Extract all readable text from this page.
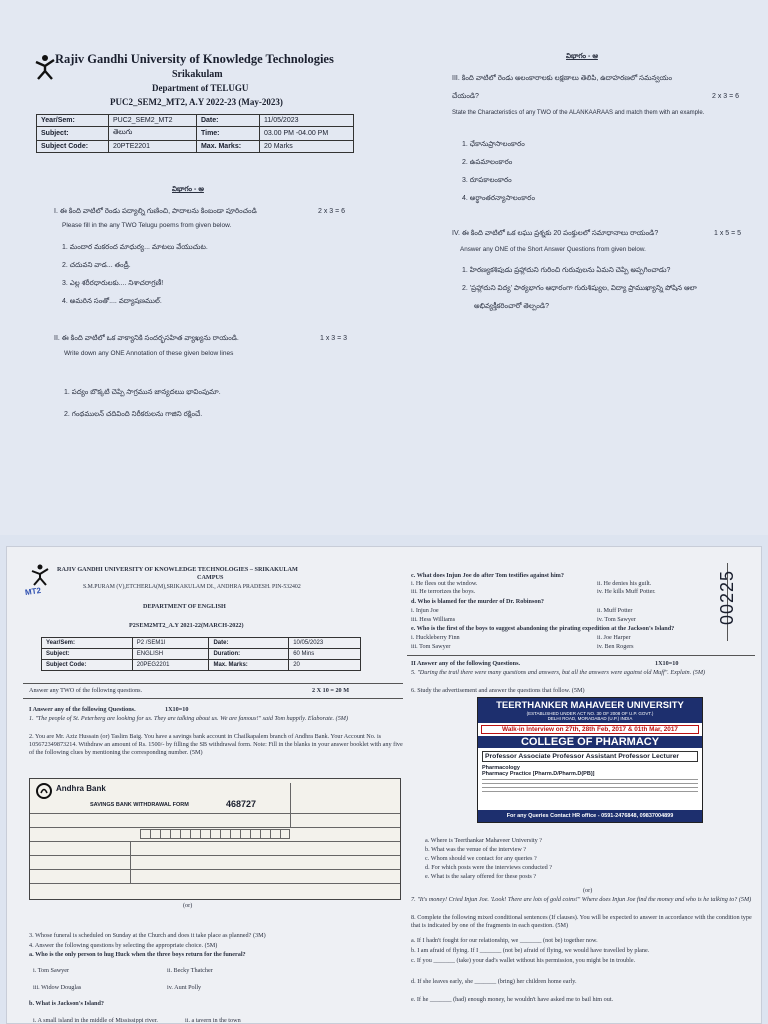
Rajiv Gandhi University of Knowledge Technologies
Srikakulam
Department of TELUGU
PUC2_SEM2_MT2, A.Y 2022-23 (May-2023)
Year/Sem:	PUC2_SEM2_MT2	Date:	11/05/2023
Subject:	తెలుగు	Time:	03.00 PM -04.00 PM
Subject Code:	20PTE2201	Max. Marks:	20 Marks
విభాగం - అ
I. ఈ కింది వాటిలో రెండు పద్యాల్ని గుణించి, పాదాలను కింబండా పూరించండి	2 x 3 = 6
Please fill in the any TWO Telugu poems from given below.
1. మందార మకరంద మాధుర్య... మాటలు వేయుచుట.
2. చదువని వాడ... తండ్రీ.
3. ఎల్ల శరీరధారులకు.... నిశాచరాగ్రణీ!
4. అమరిన సంతో.... వద్యాషణముల్.
II. ఈ కింది వాటిలో ఒక వాక్యానికి సందర్భసహిత వ్యాఖ్యను రాయండి.	1 x 3 = 3
Write down any ONE Annotation of these given below lines
1. పద్యం బొక్కటి చెప్పి సాగ్రమున జాన్యదలుు భావింపుమా.
2. గంథములన్ చదివింది నిరీకరులను గాజిని రక్షించే.
విభాగం - ఆ
III. కింది వాటిలో రెండు అలంకారాలకు లక్షణాలు తెలిపి, ఉదాహరణలో సమన్వయం
చేయండి?	2 x 3 = 6
State the Characteristics of any TWO of the ALANKAARAAS and match them with an example.
1. ఛేకానుప్రాసాలంకారం
2. ఉపమాలంకారం
3. రూపకాలంకారం
4. అర్థాంతరన్యాసాలంకారం
IV. ఈ కింది వాటిలో ఒక లఘు ప్రశ్నకు 20 పంక్తులలో సమాధానాలు రాయండి?	1 x 5 = 5
Answer any ONE of the Short Answer Questions from given below.
1. హిరణ్యకశిపుడు ప్రహ్లాదుని గురించి గురువులను ఏమని చెప్పి అప్పగించాడు?
2. 'ప్రహ్లాదుని విద్య' పాఠ్యభాగం ఆధారంగా గురుశిష్యుల, విద్యా ప్రాముఖ్యాన్ని పోషిన ఆలా
అభివ్యక్తీకరించారో తెల్పండి?
MT2
RAJIV GANDHI UNIVERSITY OF KNOWLEDGE TECHNOLOGIES – SRIKAKULAM
CAMPUS
S.M.PURAM (V),ETCHERLA(M),SRIKAKULAM DI., ANDHRA PRADESH. PIN-532402
DEPARTMENT OF ENGLISH
P2SEM2MT2_A.Y 2021-22(MARCH-2022)
Year/Sem:	P2 /SEM1I	Date:	10/05/2023
Subject:	ENGLISH	Duration:	60 Mins
Subject Code:	20PEG2201	Max. Marks:	20
Answer any TWO of the following questions.	2 X 10 = 20 M
I Answer any of the following Questions.	1X10=10
1. "The people of St. Peterberg are looking for us. They are talking about us. We are famous!" said Tom happily. Elaborate. (5M)
2. You are Mr. Aziz Hussain (or) Taslim Baig. You have a savings bank account in Chailkapalem branch of Andhra Bank. Your Account No. is 105672349873214. Withdraw an amount of Rs. 1500/- by filling the SB withdrawal form. Note: Fill in the blanks in your answer booklet with any five of the following clues by mentioning the corresponding number. (5M)
Andhra Bank
SAVINGS BANK WITHDRAWAL FORM	468727
(or)
3. Whose funeral is scheduled on Sunday at the Church and does it take place as planned? (3M)
4. Answer the following questions by selecting the appropriate choice. (5M)
a. Who is the only person to hug Huck when the three boys return for the funeral?
i. Tom Sawyer	ii. Becky Thatcher
iii. Widow Douglas	iv. Aunt Polly
b. What is Jackson's Island?
i. A small island in the middle of Mississippi river.	ii. a tavern in the town
c. What does Injun Joe do after Tom testifies against him?
i. He flees out the window.	ii. He denies his guilt.
iii. He terrorizes the boys.	iv. He kills Muff Potter.
d. Who is blamed for the murder of Dr. Robinson?
i. Injun Joe	ii. Muff Potter
iii. Hess Williams	iv. Tom Sawyer
e. Who is the first of the boys to suggest abandoning the pirating expedition at the Jackson's Island?
i. Huckleberry Finn	ii. Joe Harper
iii. Tom Sawyer	iv. Ben Rogers
00225
II Answer any of the following Questions.	1X10=10
5. "During the trail there were many questions and answers, but all the answers were against old Muff". Explain. (5M)
6. Study the advertisement and answer the questions that follow. (5M)
TEERTHANKER MAHAVEER UNIVERSITY
(ESTABLISHED UNDER ACT NO. 30 OF 2008 OF U.P. GOVT.)
DELHI ROAD, MORADABAD (U.P.) INDIA
Walk-in Interview on 27th, 28th Feb, 2017 & 01th Mar, 2017
COLLEGE OF PHARMACY
Professor Associate Professor Assistant Professor Lecturer
Pharmacology
Pharmacy Practice [Pharm.D/Pharm.D(PB)]
For any Queries Contact HR office - 0591-2476848, 09837004899
a. Where is Teerthankar Mahaveer University ?
b. What was the venue of the interview ?
c. Whom should we contact for any queries ?
d. For which posts were the interviews conducted ?
e. What is the salary offered for these posts ?
(or)
7. "It's money! Cried Injun Joe. 'Look! There are lots of gold coins!" Where does Injun Joe find the money and who is he talking to? (5M)
8. Complete the following mixed conditional sentences (If clauses). You will be expected to answer in accordance with the condition type that is indicated by one of the fragments in each question. (5M)
a. If I hadn't fought for our relationship, we _______ (not be) together now.
b. I am afraid of flying. If I _______ (not be) afraid of flying, we would have travelled by plane.
c. If you _______ (take) your dad's wallet without his permission, you might be in trouble.
d. If she leaves early, she _______ (bring) her children home early.
e. If he _______ (had) enough money, he wouldn't have asked me to bail him out.
